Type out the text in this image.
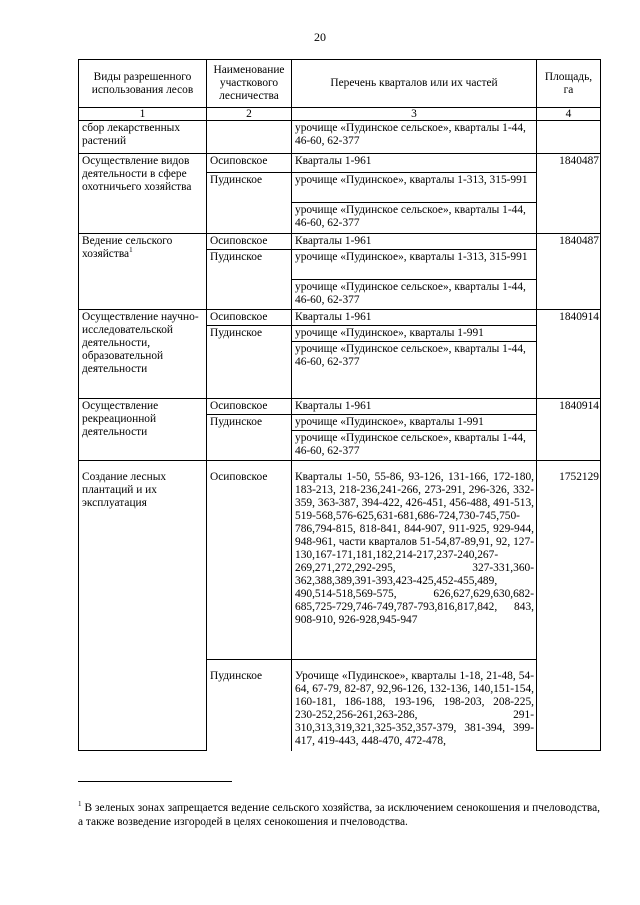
20
Виды разрешенного использования лесов	Наименование участкового лесничества	Перечень кварталов или их частей	Площадь, га
1	2	3	4
сбор лекарственных растений		урочище «Пудинское сельское», кварталы 1-44, 46-60, 62-377	
Осуществление видов деятельности в сфере охотничьего хозяйства	Осиповское	Кварталы 1-961	1840487
	Пудинское	урочище «Пудинское», кварталы 1-313, 315-991	
		урочище «Пудинское сельское», кварталы 1-44, 46-60, 62-377	
Ведение сельского хозяйства$^1$	Осиповское	Кварталы 1-961	1840487
	Пудинское	урочище «Пудинское», кварталы 1-313, 315-991	
		урочище «Пудинское сельское», кварталы 1-44, 46-60, 62-377	
Осуществление научно-исследовательской деятельности, образовательной деятельности	Осиповское	Кварталы 1-961	1840914
	Пудинское	урочище «Пудинское», кварталы 1-991	
		урочище «Пудинское сельское», кварталы 1-44, 46-60, 62-377	
Осуществление рекреационной деятельности	Осиповское	Кварталы 1-961	1840914
	Пудинское	урочище «Пудинское», кварталы 1-991	
		урочище «Пудинское сельское», кварталы 1-44, 46-60, 62-377	
Создание лесных плантаций и их эксплуатация	Осиповское	Кварталы 1-50, 55-86, 93-126, 131-166, 172-180, 183-213, 218-236,241-266, 273-291, 296-326, 332-359, 363-387, 394-422, 426-451, 456-488, 491-513, 519-568,576-625,631-681,686-724,730-745,750-786,794-815, 818-841, 844-907, 911-925, 929-944, 948-961, части кварталов 51-54,87-89,91, 92, 127-130,167-171,181,182,214-217,237-240,267-269,271,272,292-295, 327-331,360-362,388,389,391-393,423-425,452-455,489, 490,514-518,569-575, 626,627,629,630,682-685,725-729,746-749,787-793,816,817,842, 843, 908-910, 926-928,945-947	1752129
	Пудинское	Урочище «Пудинское», кварталы 1-18, 21-48, 54-64, 67-79, 82-87, 92,96-126, 132-136, 140,151-154, 160-181, 186-188, 193-196, 198-203, 208-225, 230-252,256-261,263-286, 291- 310,313,319,321,325-352,357-379, 381-394, 399-417, 419-443, 448-470, 472-478,	
$^1$ В зеленых зонах запрещается ведение сельского хозяйства, за исключением сенокошения и пчеловодства, а также возведение изгородей в целях сенокошения и пчеловодства.
